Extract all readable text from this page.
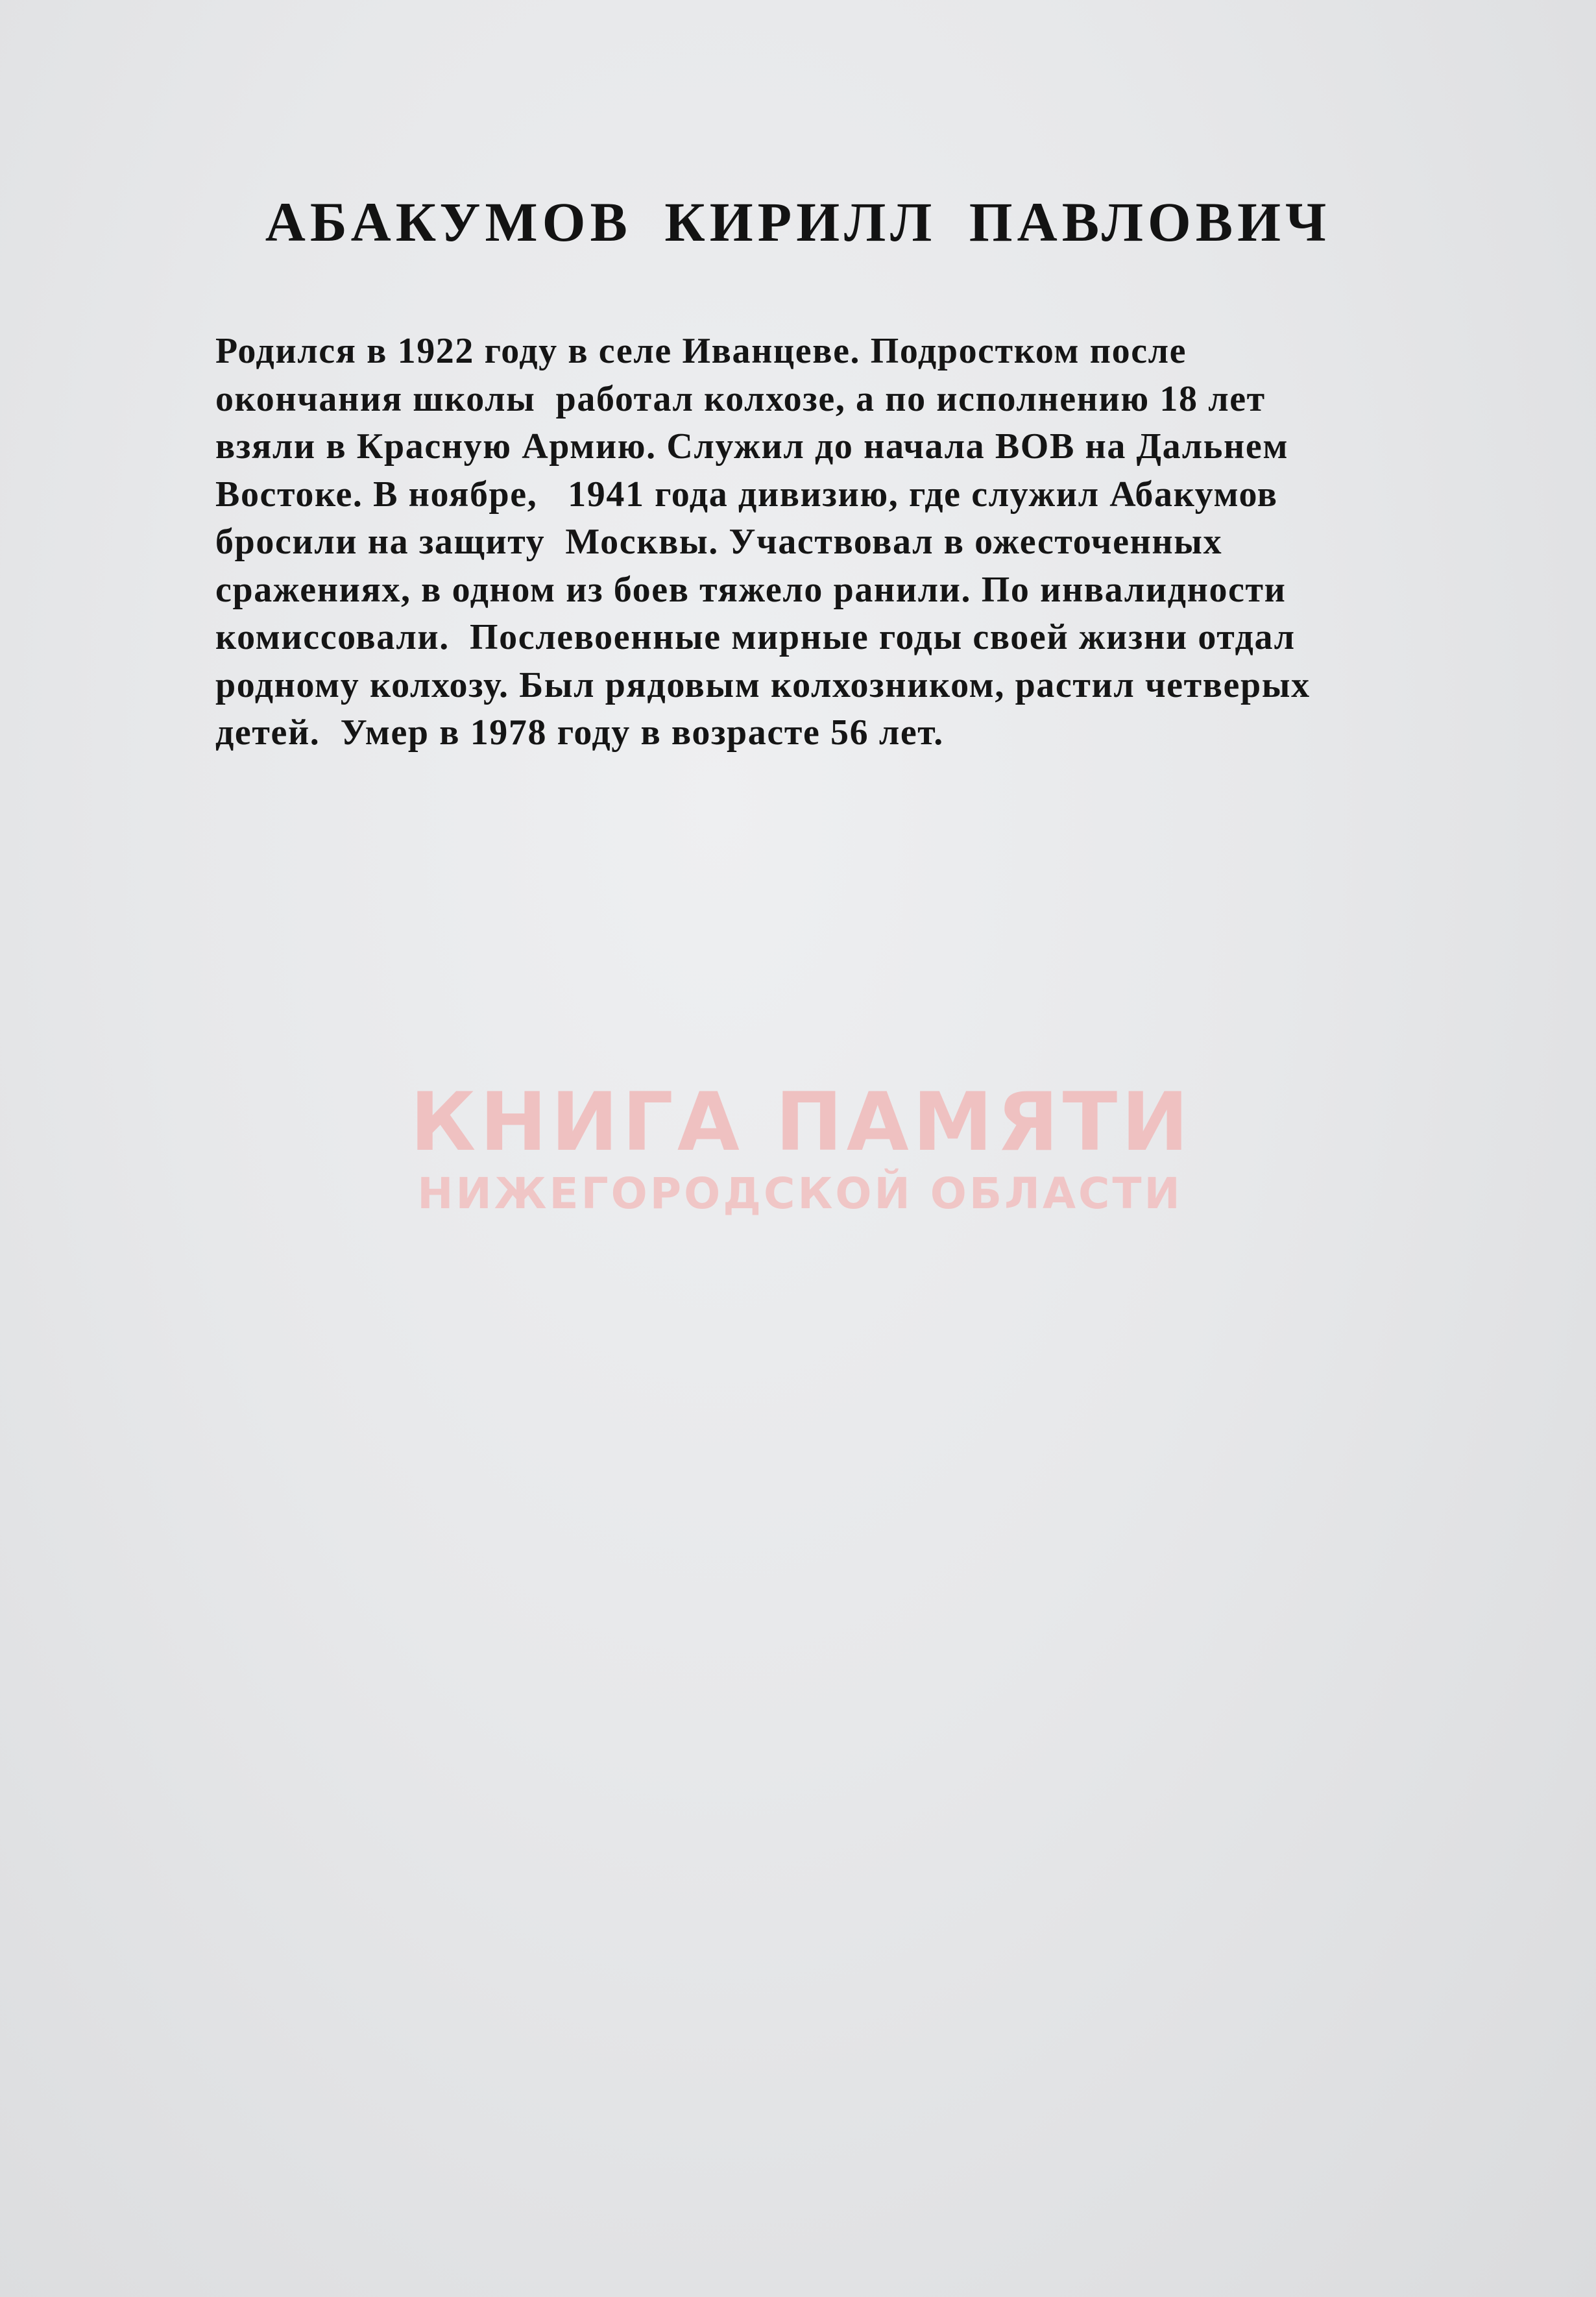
АБАКУМОВ КИРИЛЛ ПАВЛОВИЧ
Родился в 1922 году в селе Иванцеве. Подростком после
окончания школы  работал колхозе, а по исполнению 18 лет
взяли в Красную Армию. Служил до начала ВОВ на Дальнем
Востоке. В ноябре,   1941 года дивизию, где служил Абакумов
бросили на защиту  Москвы. Участвовал в ожесточенных
сражениях, в одном из боев тяжело ранили. По инвалидности
комиссовали.  Послевоенные мирные годы своей жизни отдал
родному колхозу. Был рядовым колхозником, растил четверых
детей.  Умер в 1978 году в возрасте 56 лет.
КНИГА ПАМЯТИ
НИЖЕГОРОДСКОЙ ОБЛАСТИ
